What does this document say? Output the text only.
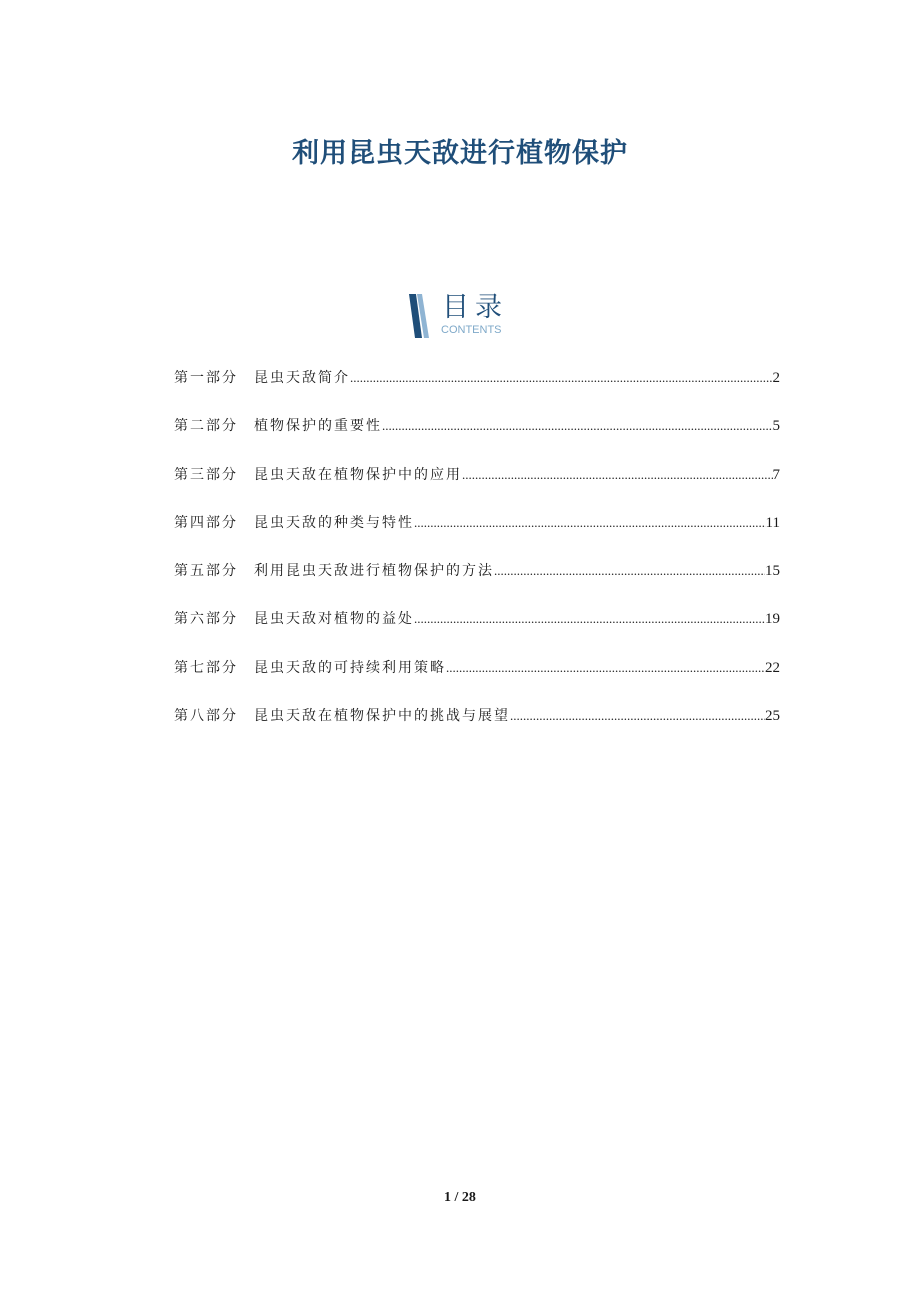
利用昆虫天敌进行植物保护
目录
CONTENTS
第一部分	昆虫天敌简介 .....	2
第二部分	植物保护的重要性 .....	5
第三部分	昆虫天敌在植物保护中的应用 .....	7
第四部分	昆虫天敌的种类与特性 .....	11
第五部分	利用昆虫天敌进行植物保护的方法 .....	15
第六部分	昆虫天敌对植物的益处 .....	19
第七部分	昆虫天敌的可持续利用策略 .....	22
第八部分	昆虫天敌在植物保护中的挑战与展望 .....	25
1 / 28
